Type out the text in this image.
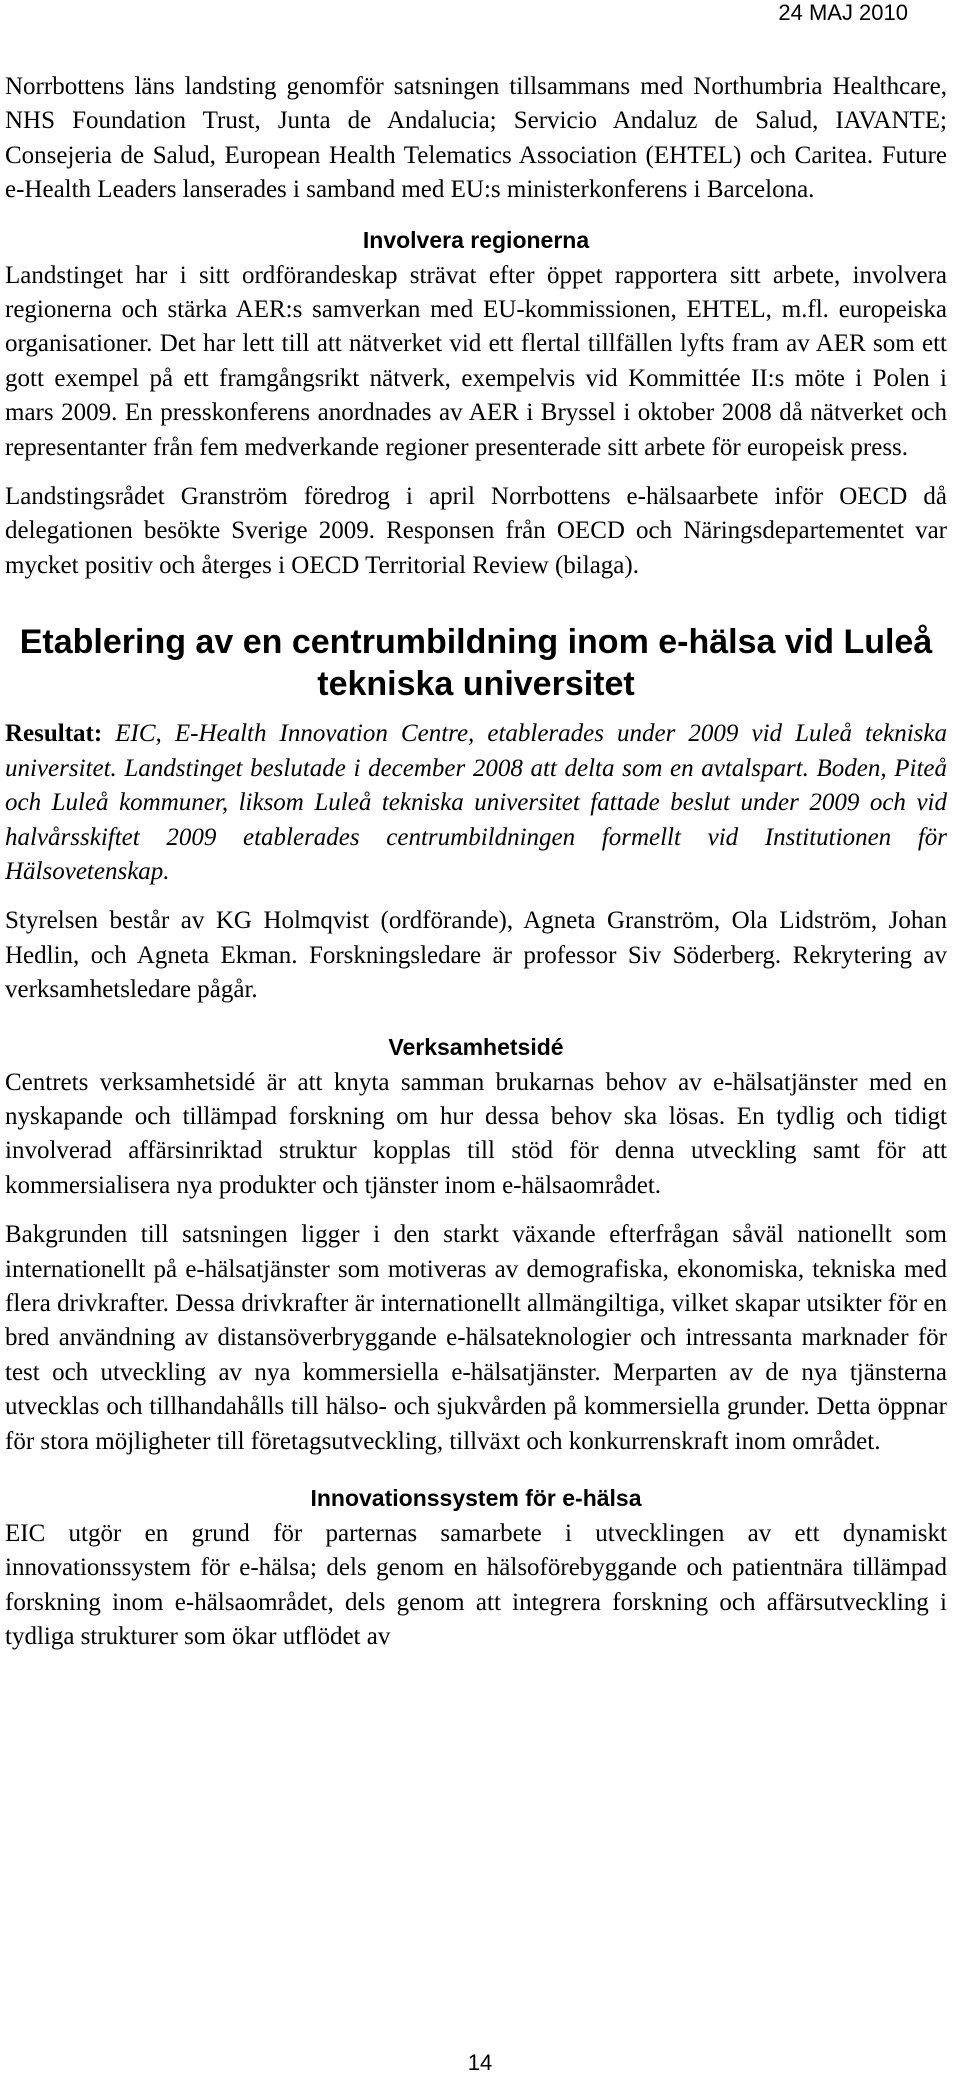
24 MAJ 2010

Norrbottens läns landsting genomför satsningen tillsammans med Northumbria Healthcare, NHS Foundation Trust, Junta de Andalucia; Servicio Andaluz de Salud, IAVANTE; Consejeria de Salud, European Health Telematics Association (EHTEL) och Caritea. Future e-Health Leaders lanserades i samband med EU:s ministerkonferens i Barcelona.

Involvera regionerna

Landstinget har i sitt ordförandeskap strävat efter öppet rapportera sitt arbete, involvera regionerna och stärka AER:s samverkan med EU-kommissionen, EHTEL, m.fl. europeiska organisationer. Det har lett till att nätverket vid ett flertal tillfällen lyfts fram av AER som ett gott exempel på ett framgångsrikt nätverk, exempelvis vid Kommittée II:s möte i Polen i mars 2009. En presskonferens anordnades av AER i Bryssel i oktober 2008 då nätverket och representanter från fem medverkande regioner presenterade sitt arbete för europeisk press.

Landstingsrådet Granström föredrog i april Norrbottens e-hälsaarbete inför OECD då delegationen besökte Sverige 2009. Responsen från OECD och Näringsdepartementet var mycket positiv och återges i OECD Territorial Review (bilaga).

Etablering av en centrumbildning inom e-hälsa vid Luleå tekniska universitet

Resultat: EIC, E-Health Innovation Centre, etablerades under 2009 vid Luleå tekniska universitet. Landstinget beslutade i december 2008 att delta som en avtalspart. Boden, Piteå och Luleå kommuner, liksom Luleå tekniska universitet fattade beslut under 2009 och vid halvårsskiftet 2009 etablerades centrumbildningen formellt vid Institutionen för Hälsovetenskap.

Styrelsen består av KG Holmqvist (ordförande), Agneta Granström, Ola Lidström, Johan Hedlin, och Agneta Ekman. Forskningsledare är professor Siv Söderberg. Rekrytering av verksamhetsledare pågår.

Verksamhetsidé

Centrets verksamhetsidé är att knyta samman brukarnas behov av e-hälsatjänster med en nyskapande och tillämpad forskning om hur dessa behov ska lösas. En tydlig och tidigt involverad affärsinriktad struktur kopplas till stöd för denna utveckling samt för att kommersialisera nya produkter och tjänster inom e-hälsaområdet.

Bakgrunden till satsningen ligger i den starkt växande efterfrågan såväl nationellt som internationellt på e-hälsatjänster som motiveras av demografiska, ekonomiska, tekniska med flera drivkrafter. Dessa drivkrafter är internationellt allmängiltiga, vilket skapar utsikter för en bred användning av distansöverbryggande e-hälsateknologier och intressanta marknader för test och utveckling av nya kommersiella e-hälsatjänster. Merparten av de nya tjänsterna utvecklas och tillhandahålls till hälso- och sjukvården på kommersiella grunder. Detta öppnar för stora möjligheter till företagsutveckling, tillväxt och konkurrenskraft inom området.

Innovationssystem för e-hälsa

EIC utgör en grund för parternas samarbete i utvecklingen av ett dynamiskt innovationssystem för e-hälsa; dels genom en hälsoförebyggande och patientnära tillämpad forskning inom e-hälsaområdet, dels genom att integrera forskning och affärsutveckling i tydliga strukturer som ökar utflödet av

14
